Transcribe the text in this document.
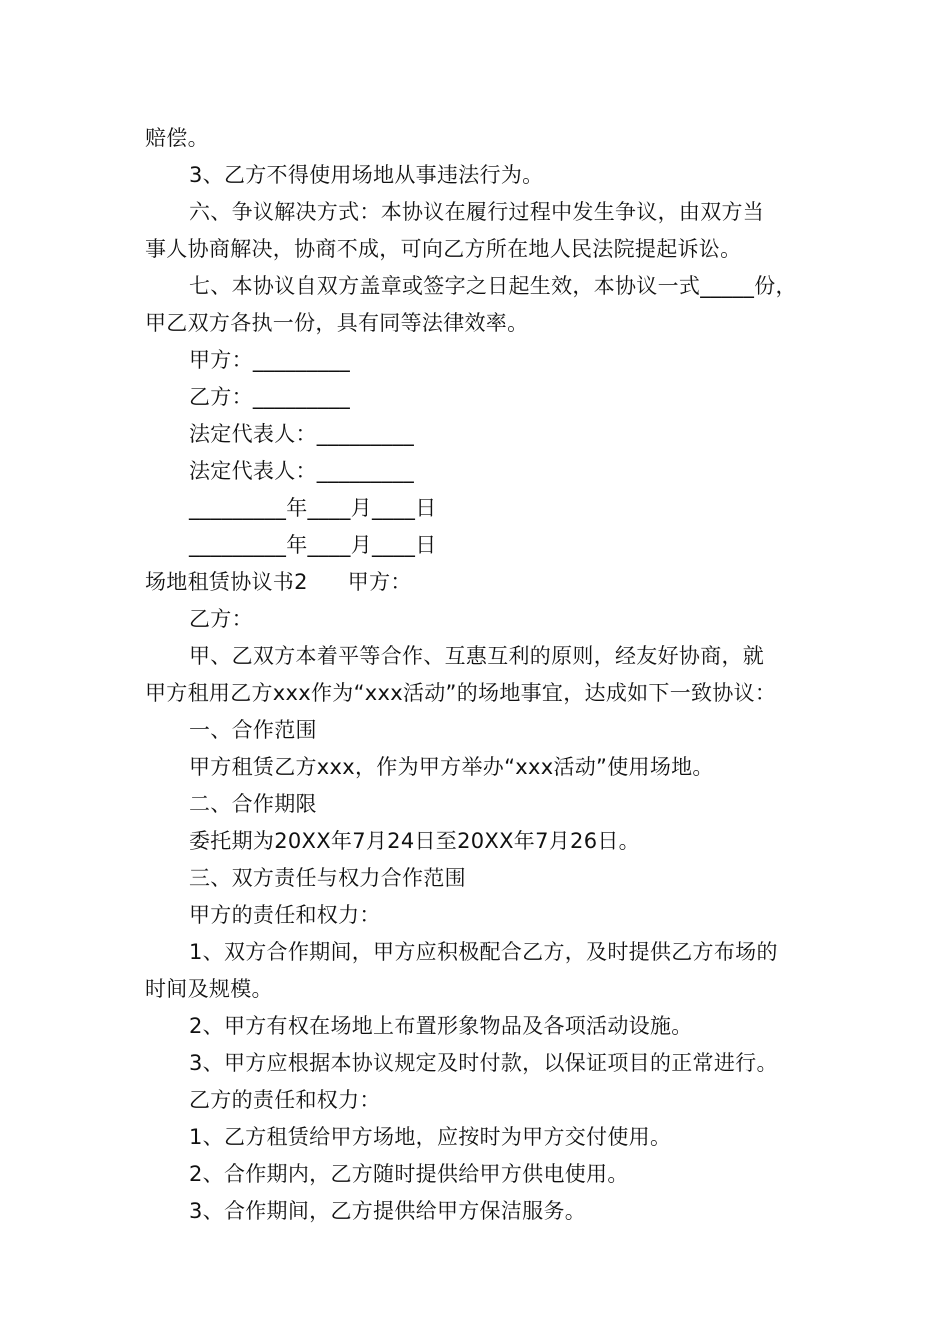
赔偿。
3、乙方不得使用场地从事违法行为。
六、争议解决方式：本协议在履行过程中发生争议，由双方当
事人协商解决，协商不成，可向乙方所在地人民法院提起诉讼。
七、本协议自双方盖章或签字之日起生效，本协议一式_____份，
甲乙双方各执一份，具有同等法律效率。
甲方：_________
乙方：_________
法定代表人：_________
法定代表人：_________
_________年____月____日
_________年____月____日
场地租赁协议书2 甲方：
乙方：
甲、乙双方本着平等合作、互惠互利的原则，经友好协商，就
甲方租用乙方xxx作为“xxx活动”的场地事宜，达成如下一致协议：
一、合作范围
甲方租赁乙方xxx，作为甲方举办“xxx活动”使用场地。
二、合作期限
委托期为20XX年7月24日至20XX年7月26日。
三、双方责任与权力合作范围
甲方的责任和权力：
1、双方合作期间，甲方应积极配合乙方，及时提供乙方布场的
时间及规模。
2、甲方有权在场地上布置形象物品及各项活动设施。
3、甲方应根据本协议规定及时付款，以保证项目的正常进行。
乙方的责任和权力：
1、乙方租赁给甲方场地，应按时为甲方交付使用。
2、合作期内，乙方随时提供给甲方供电使用。
3、合作期间，乙方提供给甲方保洁服务。
